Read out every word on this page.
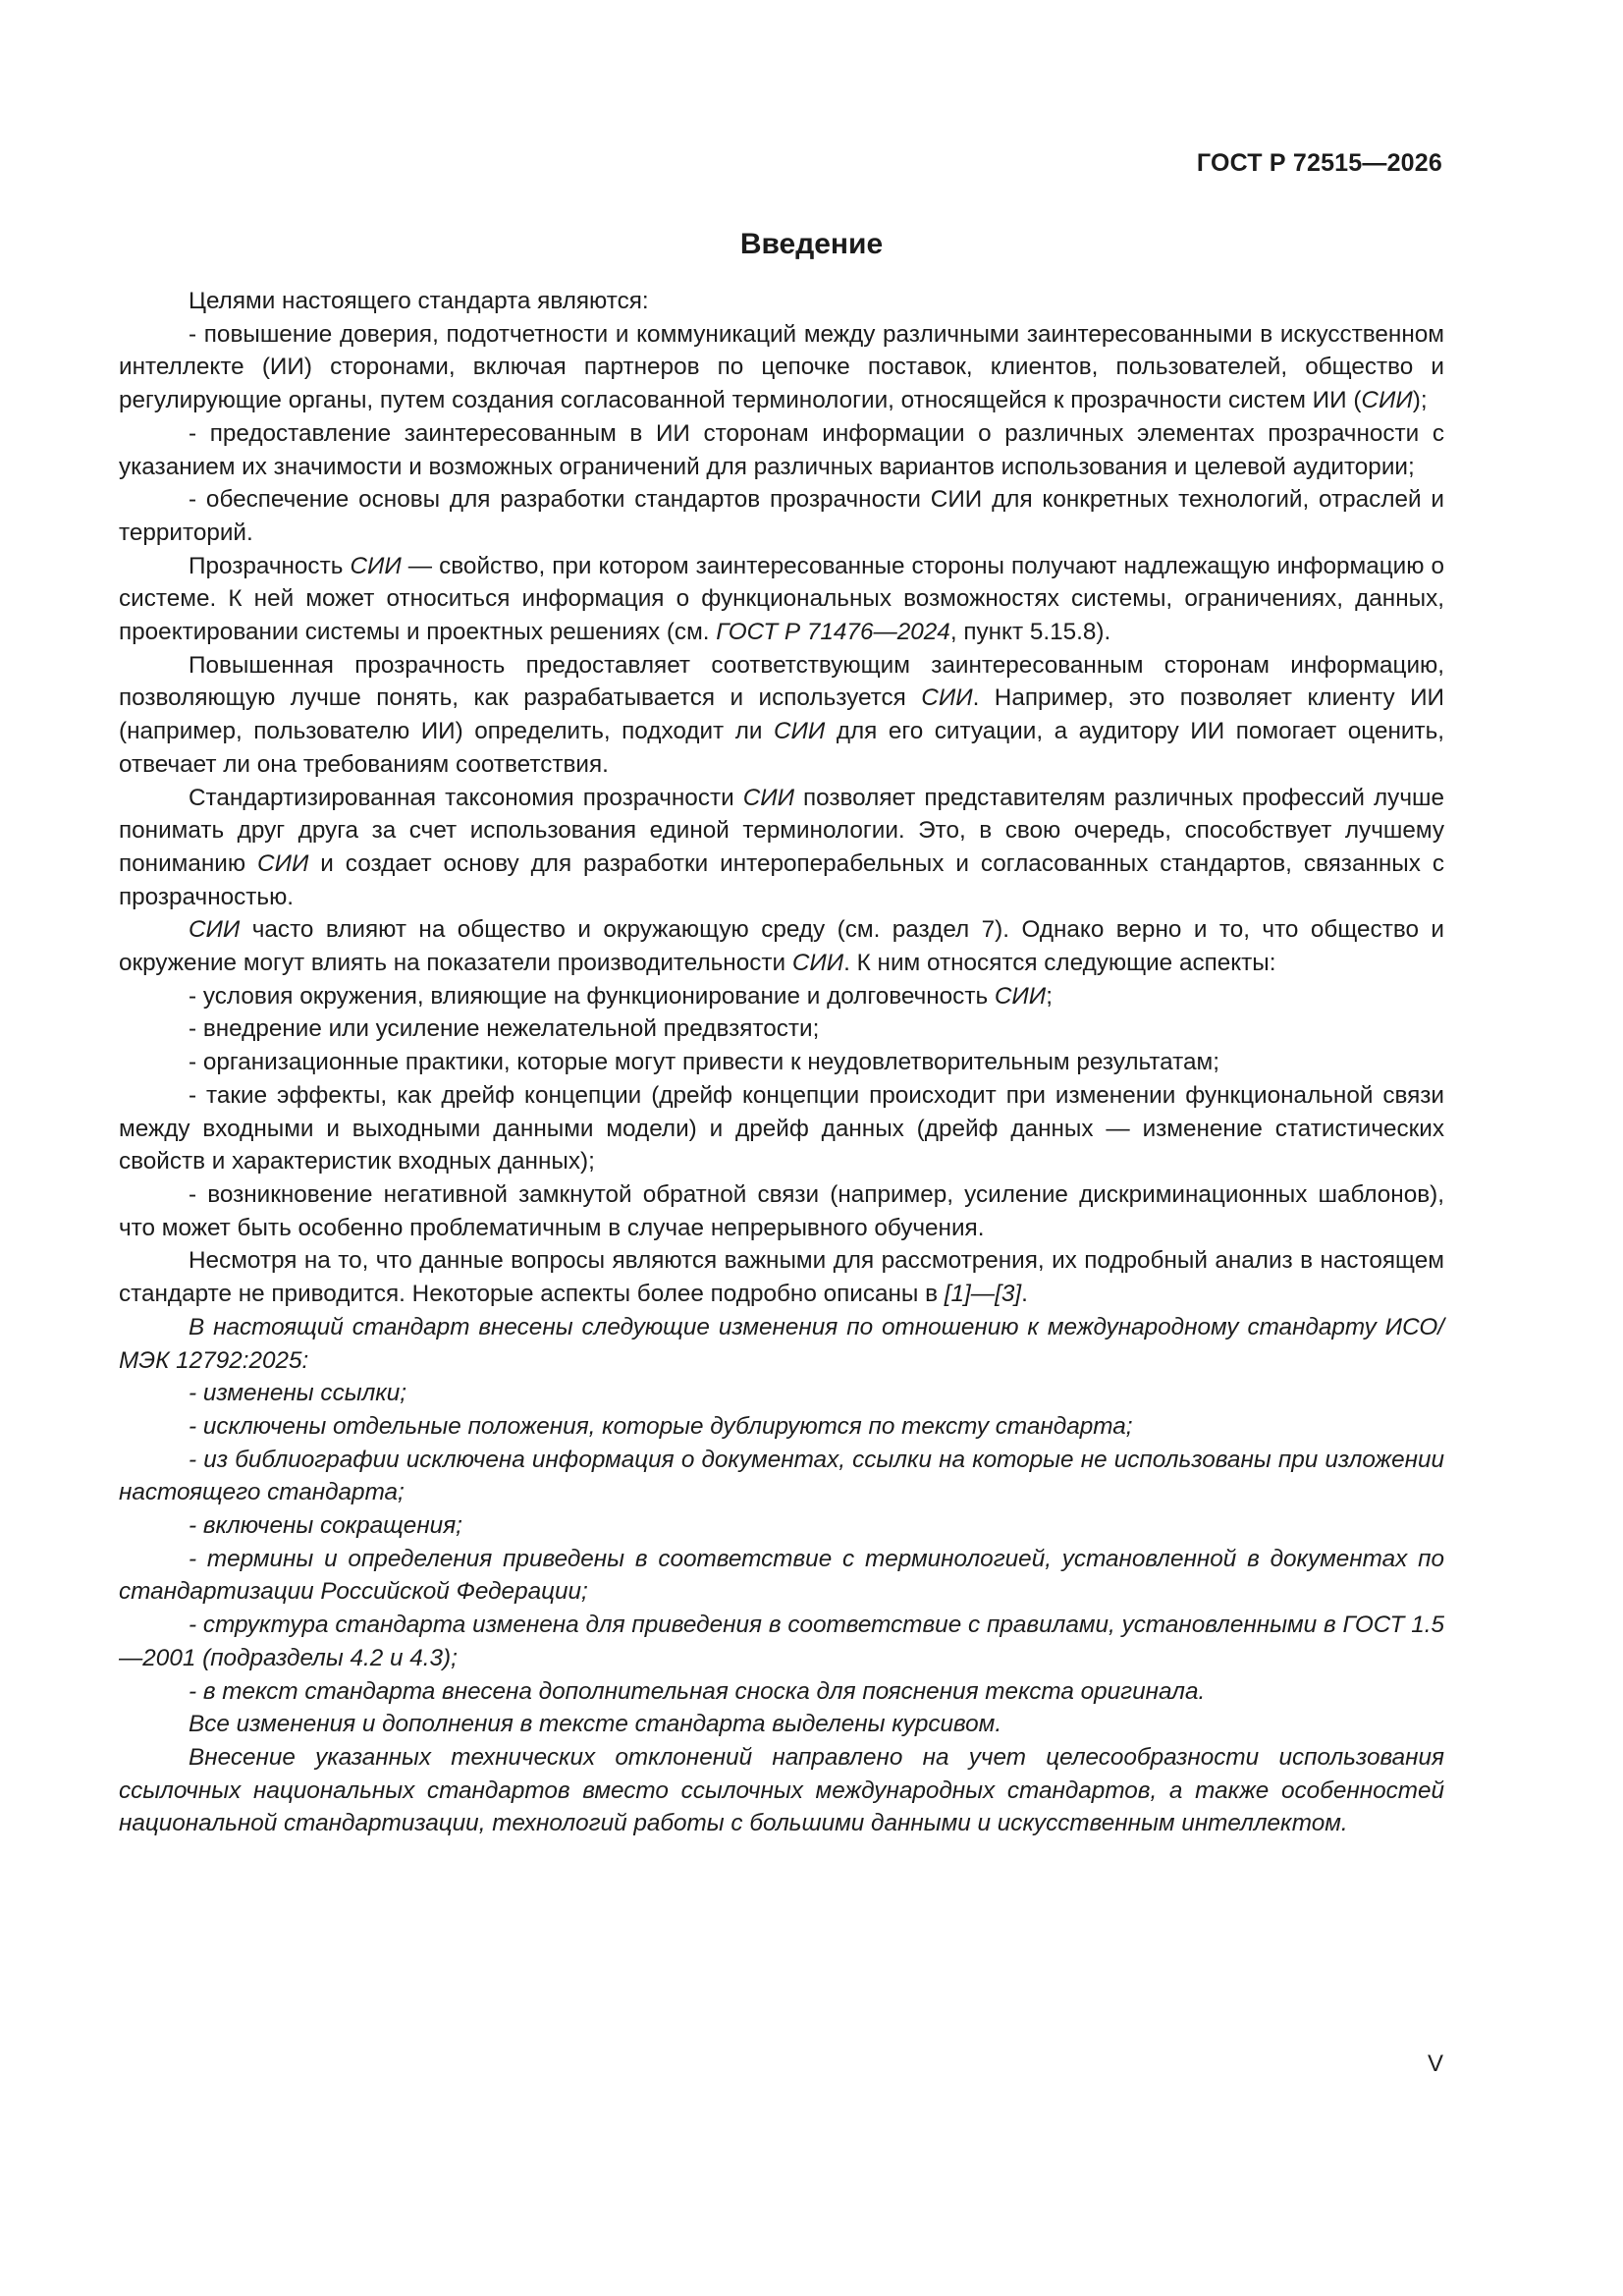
ГОСТ Р 72515—2026
Введение

Целями настоящего стандарта являются:

- повышение доверия, подотчетности и коммуникаций между различными заинтересованными в искусственном интеллекте (ИИ) сторонами, включая партнеров по цепочке поставок, клиентов, пользователей, общество и регулирующие органы, путем создания согласованной терминологии, относящейся к прозрачности систем ИИ (СИИ);

- предоставление заинтересованным в ИИ сторонам информации о различных элементах прозрачности с указанием их значимости и возможных ограничений для различных вариантов использования и целевой аудитории;

- обеспечение основы для разработки стандартов прозрачности СИИ для конкретных технологий, отраслей и территорий.

Прозрачность СИИ — свойство, при котором заинтересованные стороны получают надлежащую информацию о системе. К ней может относиться информация о функциональных возможностях системы, ограничениях, данных, проектировании системы и проектных решениях (см. ГОСТ Р 71476—2024, пункт 5.15.8).

Повышенная прозрачность предоставляет соответствующим заинтересованным сторонам информацию, позволяющую лучше понять, как разрабатывается и используется СИИ. Например, это позволяет клиенту ИИ (например, пользователю ИИ) определить, подходит ли СИИ для его ситуации, а аудитору ИИ помогает оценить, отвечает ли она требованиям соответствия.

Стандартизированная таксономия прозрачности СИИ позволяет представителям различных профессий лучше понимать друг друга за счет использования единой терминологии. Это, в свою очередь, способствует лучшему пониманию СИИ и создает основу для разработки интероперабельных и согласованных стандартов, связанных с прозрачностью.

СИИ часто влияют на общество и окружающую среду (см. раздел 7). Однако верно и то, что общество и окружение могут влиять на показатели производительности СИИ. К ним относятся следующие аспекты:

- условия окружения, влияющие на функционирование и долговечность СИИ;

- внедрение или усиление нежелательной предвзятости;

- организационные практики, которые могут привести к неудовлетворительным результатам;

- такие эффекты, как дрейф концепции (дрейф концепции происходит при изменении функциональной связи между входными и выходными данными модели) и дрейф данных (дрейф данных — изменение статистических свойств и характеристик входных данных);

- возникновение негативной замкнутой обратной связи (например, усиление дискриминационных шаблонов), что может быть особенно проблематичным в случае непрерывного обучения.

Несмотря на то, что данные вопросы являются важными для рассмотрения, их подробный анализ в настоящем стандарте не приводится. Некоторые аспекты более подробно описаны в [1]—[3].

В настоящий стандарт внесены следующие изменения по отношению к международному стандарту ИСО/МЭК 12792:2025:

- изменены ссылки;

- исключены отдельные положения, которые дублируются по тексту стандарта;

- из библиографии исключена информация о документах, ссылки на которые не использованы при изложении настоящего стандарта;

- включены сокращения;

- термины и определения приведены в соответствие с терминологией, установленной в документах по стандартизации Российской Федерации;

- структура стандарта изменена для приведения в соответствие с правилами, установленными в ГОСТ 1.5—2001 (подразделы 4.2 и 4.3);

- в текст стандарта внесена дополнительная сноска для пояснения текста оригинала.

Все изменения и дополнения в тексте стандарта выделены курсивом.

Внесение указанных технических отклонений направлено на учет целесообразности использования ссылочных национальных стандартов вместо ссылочных международных стандартов, а также особенностей национальной стандартизации, технологий работы с большими данными и искусственным интеллектом.

V
